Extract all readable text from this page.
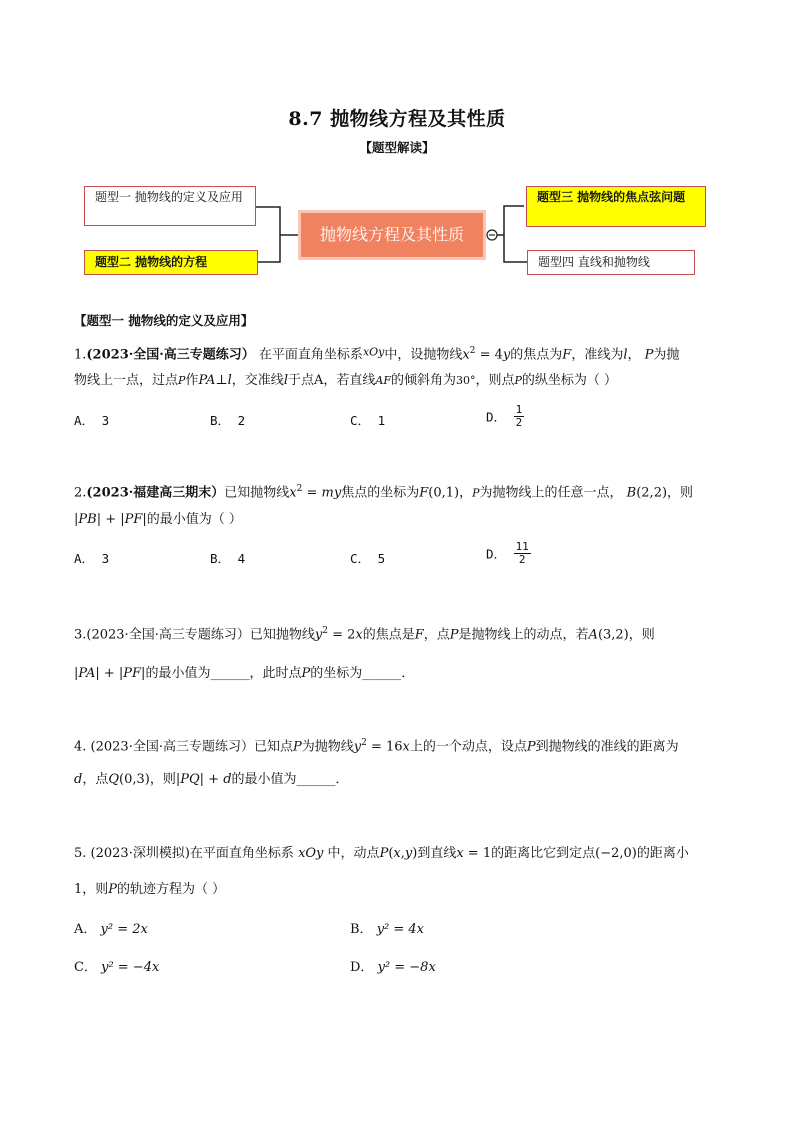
8.7 抛物线方程及其性质
【题型解读】
题型一 抛物线的定义及应用
题型二 抛物线的方程
抛物线方程及其性质
题型三 抛物线的焦点弦问题
题型四 直线和抛物线
【题型一 抛物线的定义及应用】
1.(2023·全国·高三专题练习） 在平面直角坐标系$^{xOy}$中，设抛物线$x^2 = 4y$的焦点为F，准线为l， P为抛
物线上一点，过点P作PA⊥l，交准线l于点A，若直线AF的倾斜角为30°，则点P的纵坐标为（ ）
A． 3	B． 2	C． 1	D． $\frac{1}{2}$
2.(2023·福建高三期末）已知抛物线$x^2$ = my焦点的坐标为F(0,1)，P为抛物线上的任意一点， B(2,2)，则
|PB| + |PF|的最小值为（ ）
A． 3	B． 4	C． 5	D． $\frac{11}{2}$
3.(2023·全国·高三专题练习）已知抛物线$y^2 = 2x$的焦点是F，点P是抛物线上的动点，若A(3,2)，则
|PA| + |PF|的最小值为______，此时点P的坐标为______．
4. (2023·全国·高三专题练习）已知点P为抛物线$y^2 = 16x$上的一个动点，设点P到抛物线的准线的距离为
d，点Q(0,3)，则|PQ| + d的最小值为______．
5. (2023·深圳模拟)在平面直角坐标系 xOy 中，动点P(x,y)到直线x = 1的距离比它到定点(−2,0)的距离小
1，则P的轨迹方程为（ ）
A． y² = 2x	B． y² = 4x
C． y² = −4x	D． y² = −8x
